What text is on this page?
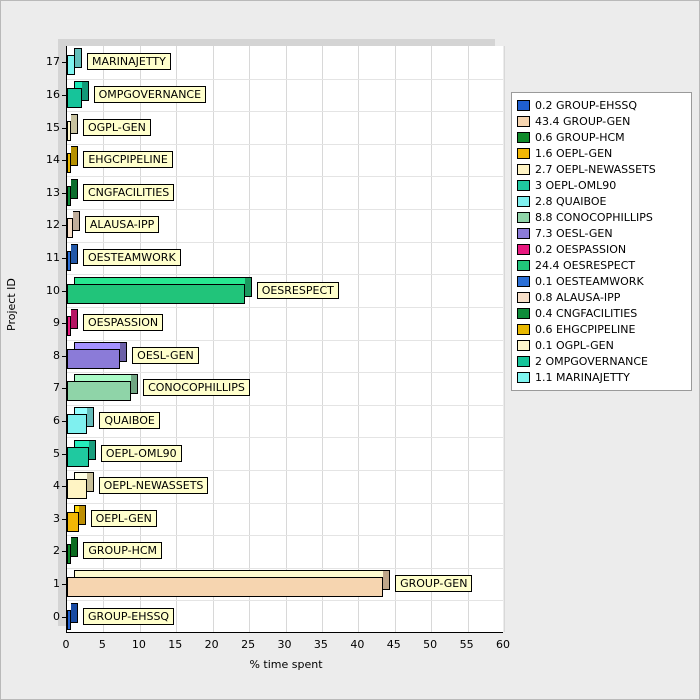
Project ID
% time spent
0.2 GROUP-EHSSQ
43.4 GROUP-GEN
0.6 GROUP-HCM
1.6 OEPL-GEN
2.7 OEPL-NEWASSETS
3 OEPL-OML90
2.8 QUAIBOE
8.8 CONOCOPHILLIPS
7.3 OESL-GEN
0.2 OESPASSION
24.4 OESRESPECT
0.1 OESTEAMWORK
0.8 ALAUSA-IPP
0.4 CNGFACILITIES
0.6 EHGCPIPELINE
0.1 OGPL-GEN
2 OMPGOVERNANCE
1.1 MARINAJETTY
0	5	10	15	20	25	30	35	40	45	50	55	60
0
1
2
3
4
5
6
7
8
9
10
11
12
13
14
15
16
17
GROUP-EHSSQ
GROUP-GEN
GROUP-HCM
OEPL-GEN
OEPL-NEWASSETS
OEPL-OML90
QUAIBOE
CONOCOPHILLIPS
OESL-GEN
OESPASSION
OESRESPECT
OESTEAMWORK
ALAUSA-IPP
CNGFACILITIES
EHGCPIPELINE
OGPL-GEN
OMPGOVERNANCE
MARINAJETTY
